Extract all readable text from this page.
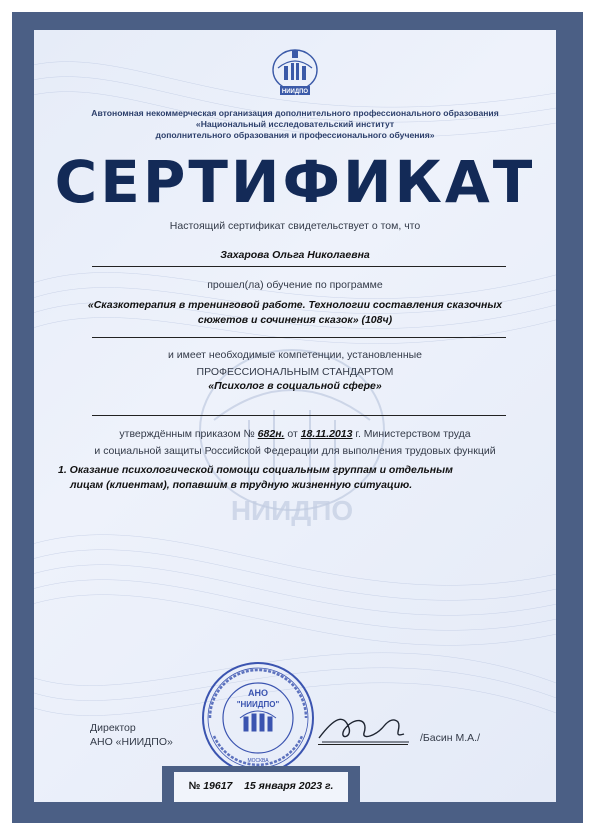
НИИДПО
НИИДПО
Автономная некоммерческая организация дополнительного профессионального образования
«Национальный исследовательский институт
дополнительного образования и профессионального обучения»
СЕРТИФИКАТ
Настоящий сертификат свидетельствует о том, что
Захарова Ольга Николаевна
прошел(ла) обучение по программе
«Сказкотерапия в тренинговой работе. Технологии составления сказочных
сюжетов и сочинения сказок» (108ч)
и имеет необходимые компетенции, установленные
ПРОФЕССИОНАЛЬНЫМ СТАНДАРТОМ
«Психолог в социальной сфере»
утверждённым приказом № 682н. от 18.11.2013 г. Министерством труда
и социальной защиты Российской Федерации для выполнения трудовых функций
1. Оказание психологической помощи социальным группам и отдельным
лицам (клиентам), попавшим в трудную жизненную ситуацию.
Директор
АНО «НИИДПО»
АНО
"НИИДПО"
МОСКВА
/Басин М.А./
№ 19617 15 января 2023 г.
